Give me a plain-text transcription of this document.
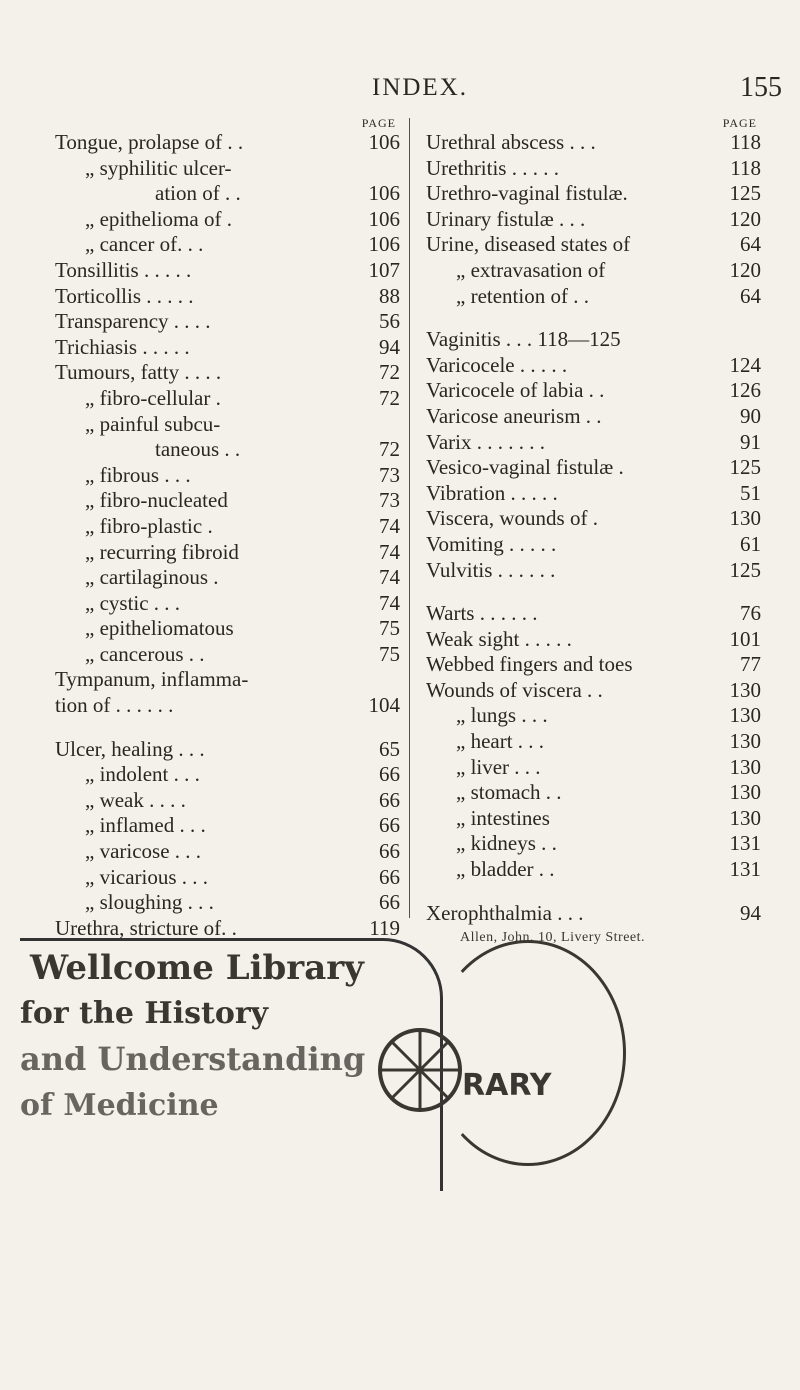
INDEX.	155
PAGE
Tongue, prolapse of . .	106
„ syphilitic ulcer-
ation of . .	106
„ epithelioma of .	106
„ cancer of. . .	106
Tonsillitis . . . . .	107
Torticollis . . . . .	88
Transparency . . . .	56
Trichiasis . . . . .	94
Tumours, fatty . . . .	72
„ fibro-cellular .	72
„ painful subcu-
taneous . .	72
„ fibrous . . .	73
„ fibro-nucleated	73
„ fibro-plastic .	74
„ recurring fibroid	74
„ cartilaginous .	74
„ cystic . . .	74
„ epitheliomatous	75
„ cancerous . .	75
Tympanum, inflamma-
tion of . . . . . .	104
Ulcer, healing . . .	65
„ indolent . . .	66
„ weak . . . .	66
„ inflamed . . .	66
„ varicose . . .	66
„ vicarious . . .	66
„ sloughing . . .	66
Urethra, stricture of. .	119
PAGE
Urethral abscess . . .	118
Urethritis . . . . .	118
Urethro-vaginal fistulæ.	125
Urinary fistulæ . . .	120
Urine, diseased states of	64
„ extravasation of	120
„ retention of . .	64
Vaginitis . . . 118—125
Varicocele . . . . .	124
Varicocele of labia . .	126
Varicose aneurism . .	90
Varix . . . . . . .	91
Vesico-vaginal fistulæ .	125
Vibration . . . . .	51
Viscera, wounds of .	130
Vomiting . . . . .	61
Vulvitis . . . . . .	125
Warts . . . . . .	76
Weak sight . . . . .	101
Webbed fingers and toes	77
Wounds of viscera . .	130
„ lungs . . .	130
„ heart . . .	130
„ liver . . .	130
„ stomach . .	130
„ intestines	130
„ kidneys . .	131
„ bladder . .	131
Xerophthalmia . . .	94
Wellcome Library
for the History
and Understanding
of Medicine
RARY
Allen, John, 10, Livery Street.
